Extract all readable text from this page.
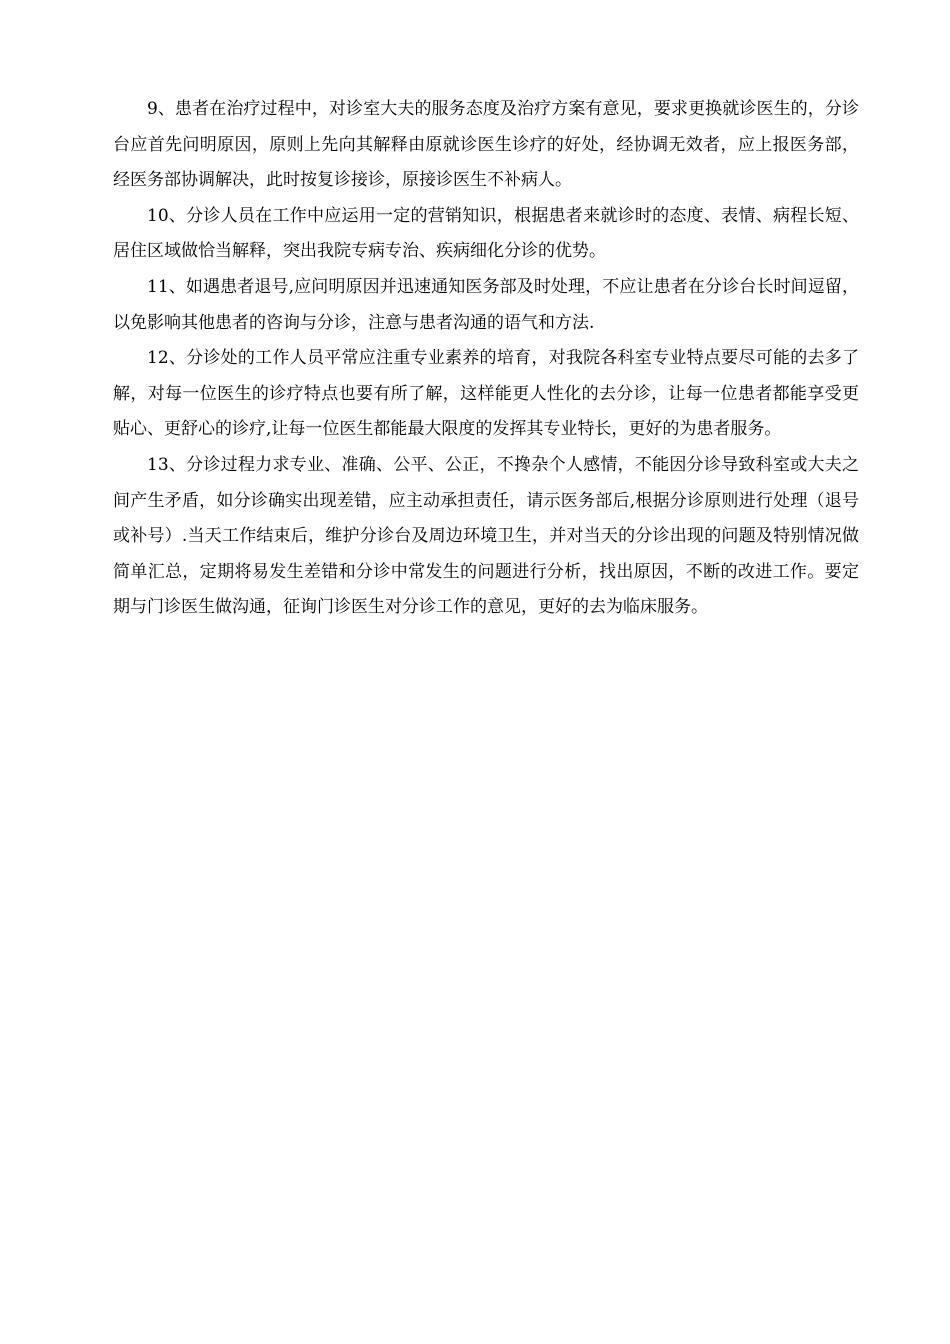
9、患者在治疗过程中，对诊室大夫的服务态度及治疗方案有意见，要求更换就诊医生的，分诊台应首先问明原因，原则上先向其解释由原就诊医生诊疗的好处，经协调无效者，应上报医务部，经医务部协调解决，此时按复诊接诊，原接诊医生不补病人。

10、分诊人员在工作中应运用一定的营销知识，根据患者来就诊时的态度、表情、病程长短、居住区域做恰当解释，突出我院专病专治、疾病细化分诊的优势。

11、如遇患者退号,应问明原因并迅速通知医务部及时处理，不应让患者在分诊台长时间逗留，以免影响其他患者的咨询与分诊，注意与患者沟通的语气和方法.

12、分诊处的工作人员平常应注重专业素养的培育，对我院各科室专业特点要尽可能的去多了解，对每一位医生的诊疗特点也要有所了解，这样能更人性化的去分诊，让每一位患者都能享受更贴心、更舒心的诊疗,让每一位医生都能最大限度的发挥其专业特长，更好的为患者服务。

13、分诊过程力求专业、准确、公平、公正，不搀杂个人感情，不能因分诊导致科室或大夫之间产生矛盾，如分诊确实出现差错，应主动承担责任，请示医务部后,根据分诊原则进行处理（退号或补号）.当天工作结束后，维护分诊台及周边环境卫生，并对当天的分诊出现的问题及特别情况做简单汇总，定期将易发生差错和分诊中常发生的问题进行分析，找出原因，不断的改进工作。要定期与门诊医生做沟通，征询门诊医生对分诊工作的意见，更好的去为临床服务。
